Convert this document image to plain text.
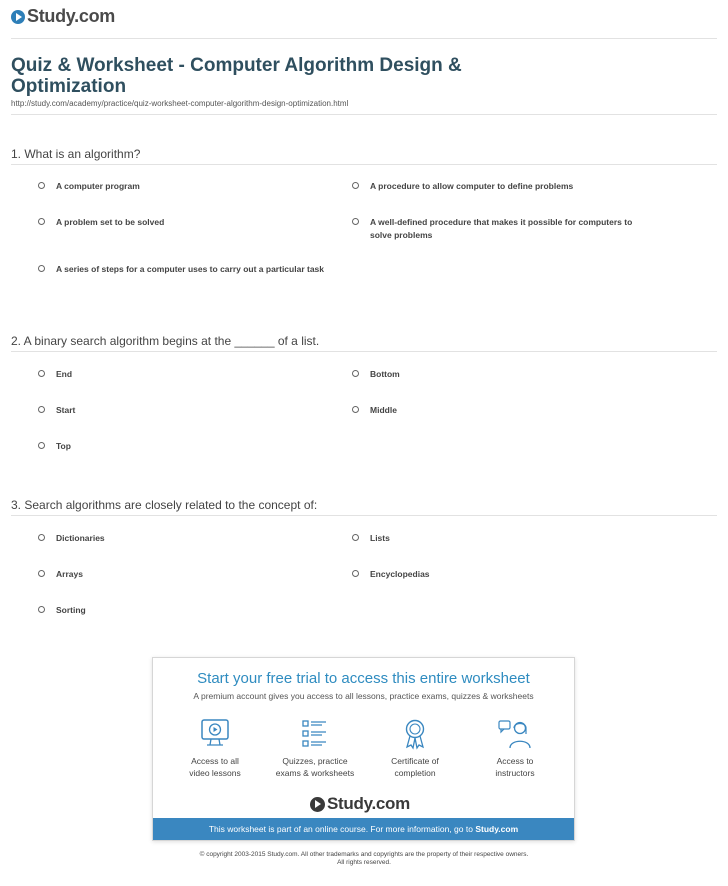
Study.com
Quiz & Worksheet - Computer Algorithm Design & Optimization
http://study.com/academy/practice/quiz-worksheet-computer-algorithm-design-optimization.html
1. What is an algorithm?
A computer program	A procedure to allow computer to define problems
A problem set to be solved	A well-defined procedure that makes it possible for computers to solve problems
A series of steps for a computer uses to carry out a particular task
2. A binary search algorithm begins at the ______ of a list.
End	Bottom
Start	Middle
Top
3. Search algorithms are closely related to the concept of:
Dictionaries	Lists
Arrays	Encyclopedias
Sorting
Start your free trial to access this entire worksheet
A premium account gives you access to all lessons, practice exams, quizzes & worksheets
Access to all
video lessons
Quizzes, practice
exams & worksheets
Certificate of
completion
Access to
instructors
Study.com
This worksheet is part of an online course. For more information, go to Study.com
© copyright 2003-2015 Study.com. All other trademarks and copyrights are the property of their respective owners.
All rights reserved.
